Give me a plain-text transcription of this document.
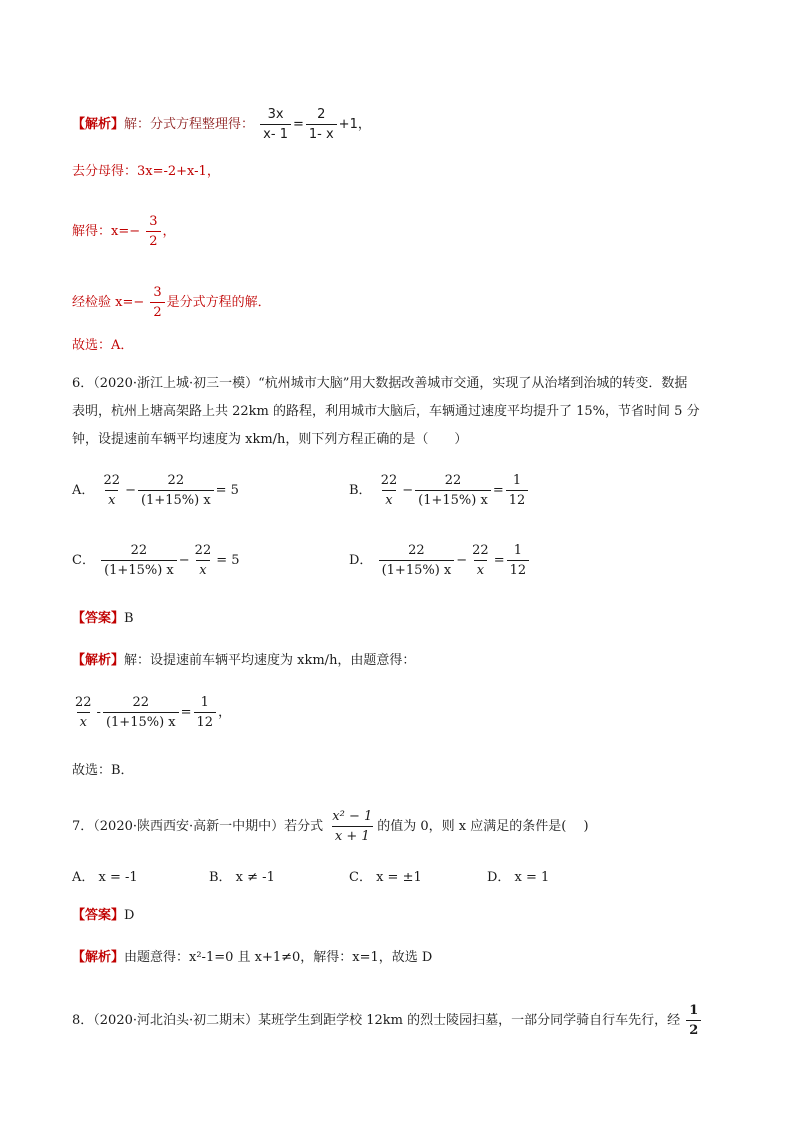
【解析】解：分式方程整理得： $\frac{3x}{x- 1} = \frac{2}{1- x} +1$，
去分母得：3x=-2+x-1，
解得：$x=- \frac{3}{2}$ ，
经检验 $x=- \frac{3}{2}$ 是分式方程的解．
故选：A．
6．（2020·浙江上城·初三一模）“杭州城市大脑”用大数据改善城市交通，实现了从治堵到治城的转变．数据
表明，杭州上塘高架路上共 22km 的路程，利用城市大脑后，车辆通过速度平均提升了 15%，节省时间 5 分
钟，设提速前车辆平均速度为 xkm/h，则下列方程正确的是（　　）
A． $\frac{22}{x} - \frac{22}{(1+15\%) x} = 5$	B． $\frac{22}{x} - \frac{22}{(1+15\%) x} = \frac{1}{12}$
C． $\frac{22}{(1+15\%) x} - \frac{22}{x} = 5$	D． $\frac{22}{(1+15\%) x} - \frac{22}{x} = \frac{1}{12}$
【答案】B
【解析】解：设提速前车辆平均速度为 xkm/h，由题意得：
$\frac{22}{x} - \frac{22}{(1+15\%) x} = \frac{1}{12}$ ，
故选：B．
7．（2020·陕西西安·高新一中期中）若分式 $\frac{\text{x² − 1}}{x + 1}$ 的值为 0，则 x 应满足的条件是(　 )
A． x = -1	B． x ≠ -1	C． x = ±1	D． x = 1
【答案】D
【解析】由题意得：x²-1=0 且 x+1≠0，解得：x=1，故选 D
8．（2020·河北泊头·初二期末）某班学生到距学校 12km 的烈士陵园扫墓，一部分同学骑自行车先行，经 $\frac{1}{2}$
